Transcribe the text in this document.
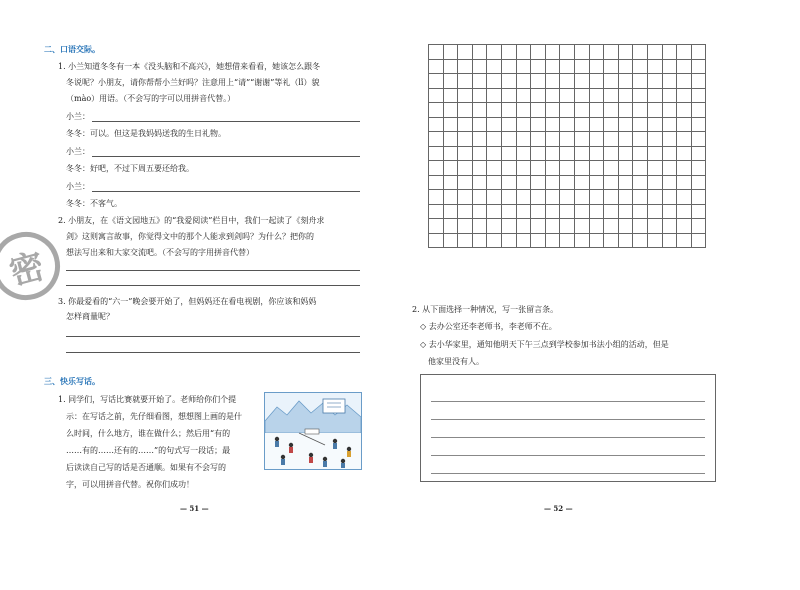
二、口语交际。
1. 小兰知道冬冬有一本《没头脑和不高兴》，她想借来看看，她该怎么跟冬
冬说呢？小朋友，请你帮帮小兰好吗？注意用上“请”“谢谢”等礼（lǐ）貌
（mào）用语。（不会写的字可以用拼音代替。）
小兰：
冬冬：可以。但这是我妈妈送我的生日礼物。
小兰：
冬冬：好吧，不过下周五要还给我。
小兰：
冬冬：不客气。
2. 小朋友，在《语文园地五》的“我爱阅读”栏目中，我们一起读了《刻舟求
剑》这则寓言故事，你觉得文中的那个人能求到剑吗？为什么？把你的
想法写出来和大家交流吧。（不会写的字用拼音代替）
3. 你最爱看的“六一”晚会要开始了，但妈妈还在看电视剧，你应该和妈妈
怎样商量呢？
密
三、快乐写话。
1. 同学们，写话比赛就要开始了。老师给你们个提
示：在写话之前，先仔细看图，想想图上画的是什
么时间，什么地方，谁在做什么；然后用“有的
……有的……还有的……”的句式写一段话；最
后读读自己写的话是否通顺。如果有不会写的
字，可以用拼音代替。祝你们成功！
— 51 —
2. 从下面选择一种情况，写一张留言条。
◇ 去办公室还李老师书，李老师不在。
◇ 去小华家里，通知他明天下午三点到学校参加书法小组的活动，但是
他家里没有人。
— 52 —
